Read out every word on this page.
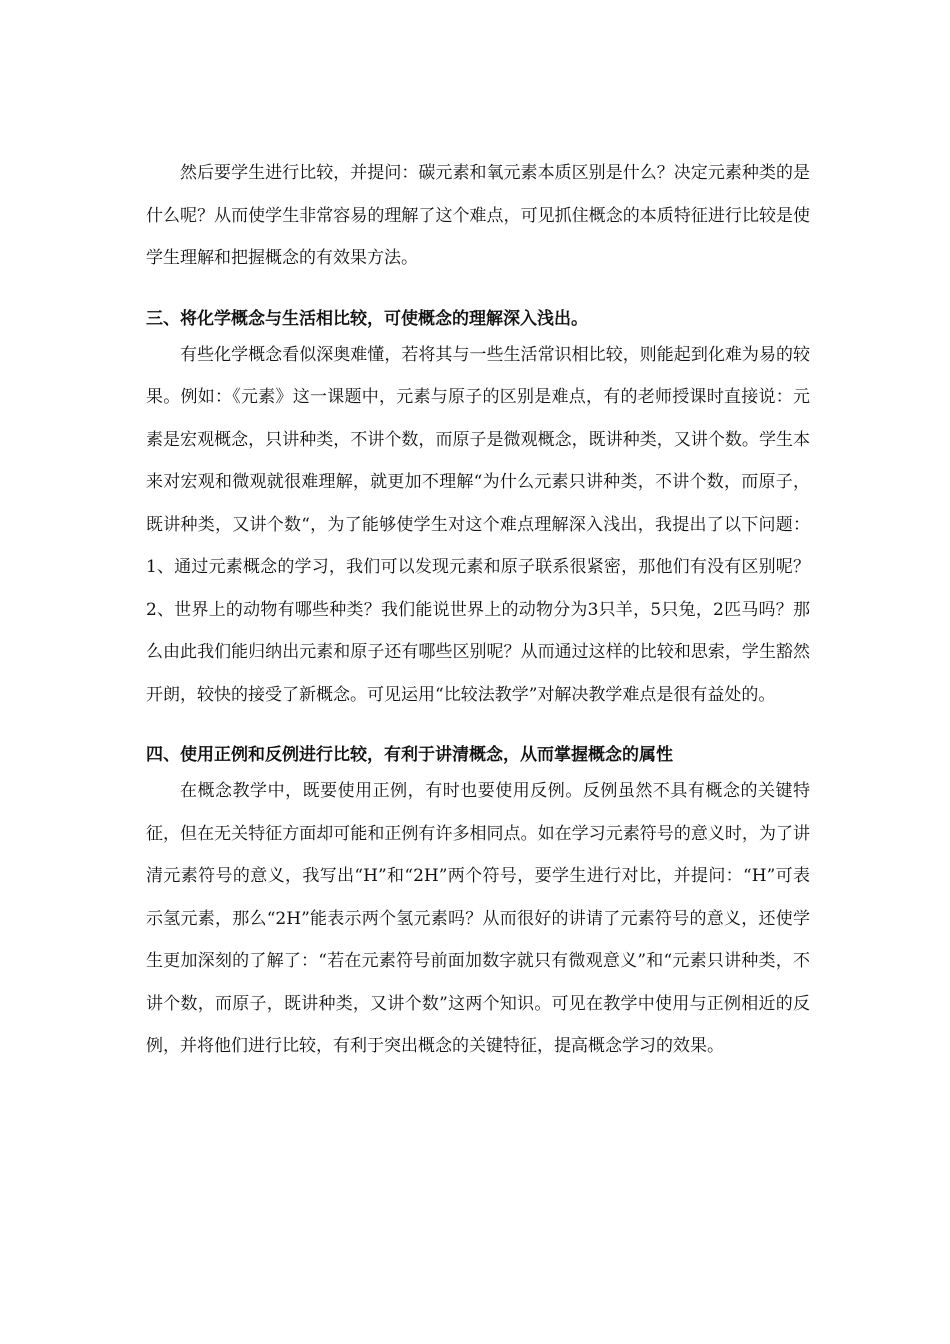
然后要学生进行比较，并提问：碳元素和氧元素本质区别是什么？决定元素种类的是什么呢？从而使学生非常容易的理解了这个难点，可见抓住概念的本质特征进行比较是使学生理解和把握概念的有效果方法。

三、将化学概念与生活相比较，可使概念的理解深入浅出。

有些化学概念看似深奥难懂，若将其与一些生活常识相比较，则能起到化难为易的较果。例如：《元素》这一课题中，元素与原子的区别是难点，有的老师授课时直接说：元素是宏观概念，只讲种类，不讲个数，而原子是微观概念，既讲种类，又讲个数。学生本来对宏观和微观就很难理解，就更加不理解“为什么元素只讲种类，不讲个数，而原子，既讲种类，又讲个数“，为了能够使学生对这个难点理解深入浅出，我提出了以下问题：1、通过元素概念的学习，我们可以发现元素和原子联系很紧密，那他们有没有区别呢？2、世界上的动物有哪些种类？我们能说世界上的动物分为3只羊，5只兔，2匹马吗？那么由此我们能归纳出元素和原子还有哪些区别呢？从而通过这样的比较和思索，学生豁然开朗，较快的接受了新概念。可见运用“比较法教学”对解决教学难点是很有益处的。

四、使用正例和反例进行比较，有利于讲清概念，从而掌握概念的属性

在概念教学中，既要使用正例，有时也要使用反例。反例虽然不具有概念的关键特征，但在无关特征方面却可能和正例有许多相同点。如在学习元素符号的意义时，为了讲清元素符号的意义，我写出“H”和“2H”两个符号，要学生进行对比，并提问：“H”可表示氢元素，那么“2H”能表示两个氢元素吗？从而很好的讲请了元素符号的意义，还使学生更加深刻的了解了：“若在元素符号前面加数字就只有微观意义”和“元素只讲种类，不讲个数，而原子，既讲种类，又讲个数”这两个知识。可见在教学中使用与正例相近的反例，并将他们进行比较，有利于突出概念的关键特征，提高概念学习的效果。
